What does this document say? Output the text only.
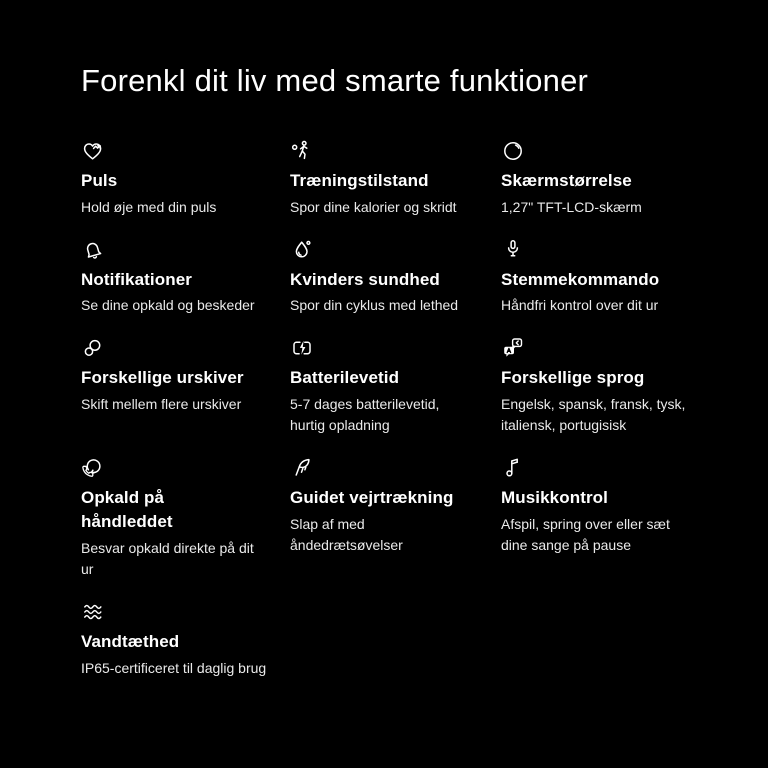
Forenkl dit liv med smarte funktioner
Puls

Hold øje med din puls

Træningstilstand

Spor dine kalorier og skridt

Skærmstørrelse

1,27" TFT-LCD-skærm

Notifikationer

Se dine opkald og beskeder

Kvinders sundhed

Spor din cyklus med lethed

Stemmekommando

Håndfri kontrol over dit ur

Forskellige urskiver

Skift mellem flere urskiver

Batterilevetid

5-7 dages batterilevetid, hurtig opladning

Forskellige sprog

Engelsk, spansk, fransk, tysk, italiensk, portugisisk

Opkald på håndleddet

Besvar opkald direkte på dit ur

Guidet vejrtrækning

Slap af med åndedrætsøvelser

Musikkontrol

Afspil, spring over eller sæt dine sange på pause

Vandtæthed

IP65-certificeret til daglig brug
